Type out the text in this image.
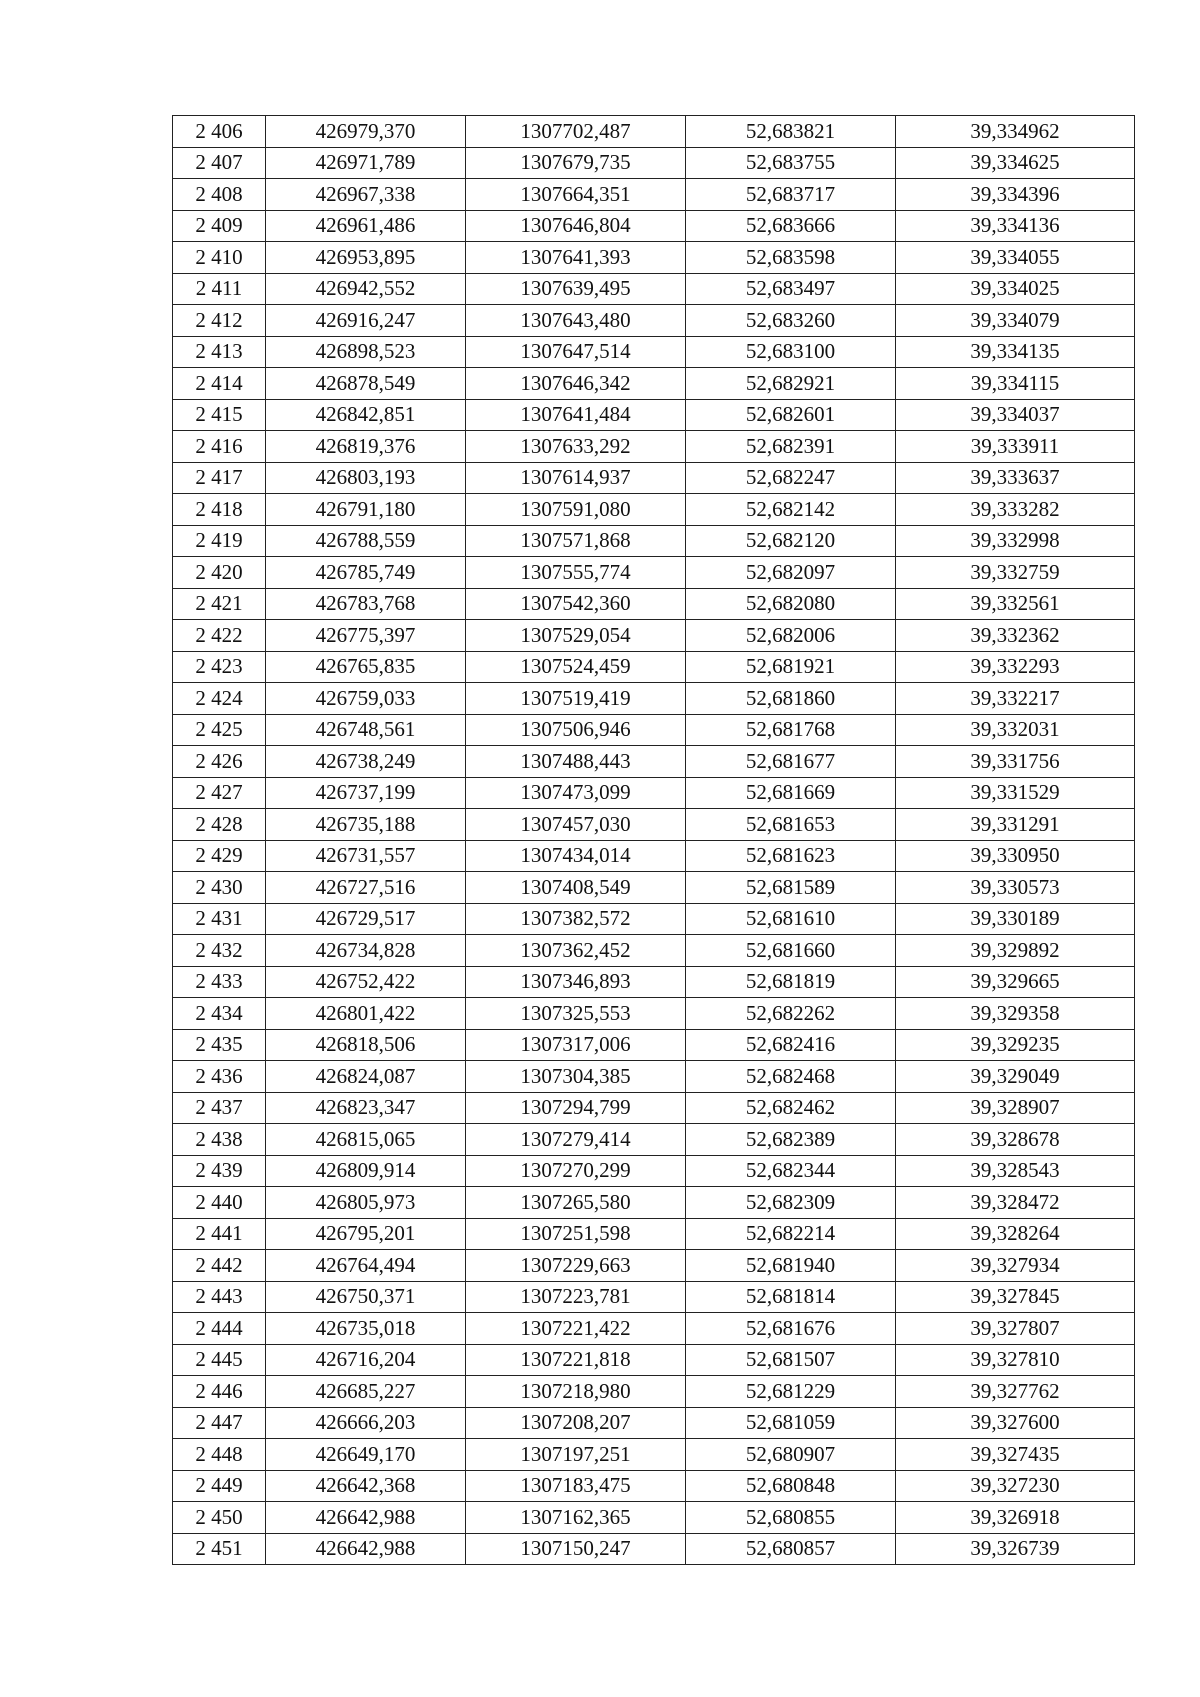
2 406	426979,370	1307702,487	52,683821	39,334962
2 407	426971,789	1307679,735	52,683755	39,334625
2 408	426967,338	1307664,351	52,683717	39,334396
2 409	426961,486	1307646,804	52,683666	39,334136
2 410	426953,895	1307641,393	52,683598	39,334055
2 411	426942,552	1307639,495	52,683497	39,334025
2 412	426916,247	1307643,480	52,683260	39,334079
2 413	426898,523	1307647,514	52,683100	39,334135
2 414	426878,549	1307646,342	52,682921	39,334115
2 415	426842,851	1307641,484	52,682601	39,334037
2 416	426819,376	1307633,292	52,682391	39,333911
2 417	426803,193	1307614,937	52,682247	39,333637
2 418	426791,180	1307591,080	52,682142	39,333282
2 419	426788,559	1307571,868	52,682120	39,332998
2 420	426785,749	1307555,774	52,682097	39,332759
2 421	426783,768	1307542,360	52,682080	39,332561
2 422	426775,397	1307529,054	52,682006	39,332362
2 423	426765,835	1307524,459	52,681921	39,332293
2 424	426759,033	1307519,419	52,681860	39,332217
2 425	426748,561	1307506,946	52,681768	39,332031
2 426	426738,249	1307488,443	52,681677	39,331756
2 427	426737,199	1307473,099	52,681669	39,331529
2 428	426735,188	1307457,030	52,681653	39,331291
2 429	426731,557	1307434,014	52,681623	39,330950
2 430	426727,516	1307408,549	52,681589	39,330573
2 431	426729,517	1307382,572	52,681610	39,330189
2 432	426734,828	1307362,452	52,681660	39,329892
2 433	426752,422	1307346,893	52,681819	39,329665
2 434	426801,422	1307325,553	52,682262	39,329358
2 435	426818,506	1307317,006	52,682416	39,329235
2 436	426824,087	1307304,385	52,682468	39,329049
2 437	426823,347	1307294,799	52,682462	39,328907
2 438	426815,065	1307279,414	52,682389	39,328678
2 439	426809,914	1307270,299	52,682344	39,328543
2 440	426805,973	1307265,580	52,682309	39,328472
2 441	426795,201	1307251,598	52,682214	39,328264
2 442	426764,494	1307229,663	52,681940	39,327934
2 443	426750,371	1307223,781	52,681814	39,327845
2 444	426735,018	1307221,422	52,681676	39,327807
2 445	426716,204	1307221,818	52,681507	39,327810
2 446	426685,227	1307218,980	52,681229	39,327762
2 447	426666,203	1307208,207	52,681059	39,327600
2 448	426649,170	1307197,251	52,680907	39,327435
2 449	426642,368	1307183,475	52,680848	39,327230
2 450	426642,988	1307162,365	52,680855	39,326918
2 451	426642,988	1307150,247	52,680857	39,326739
